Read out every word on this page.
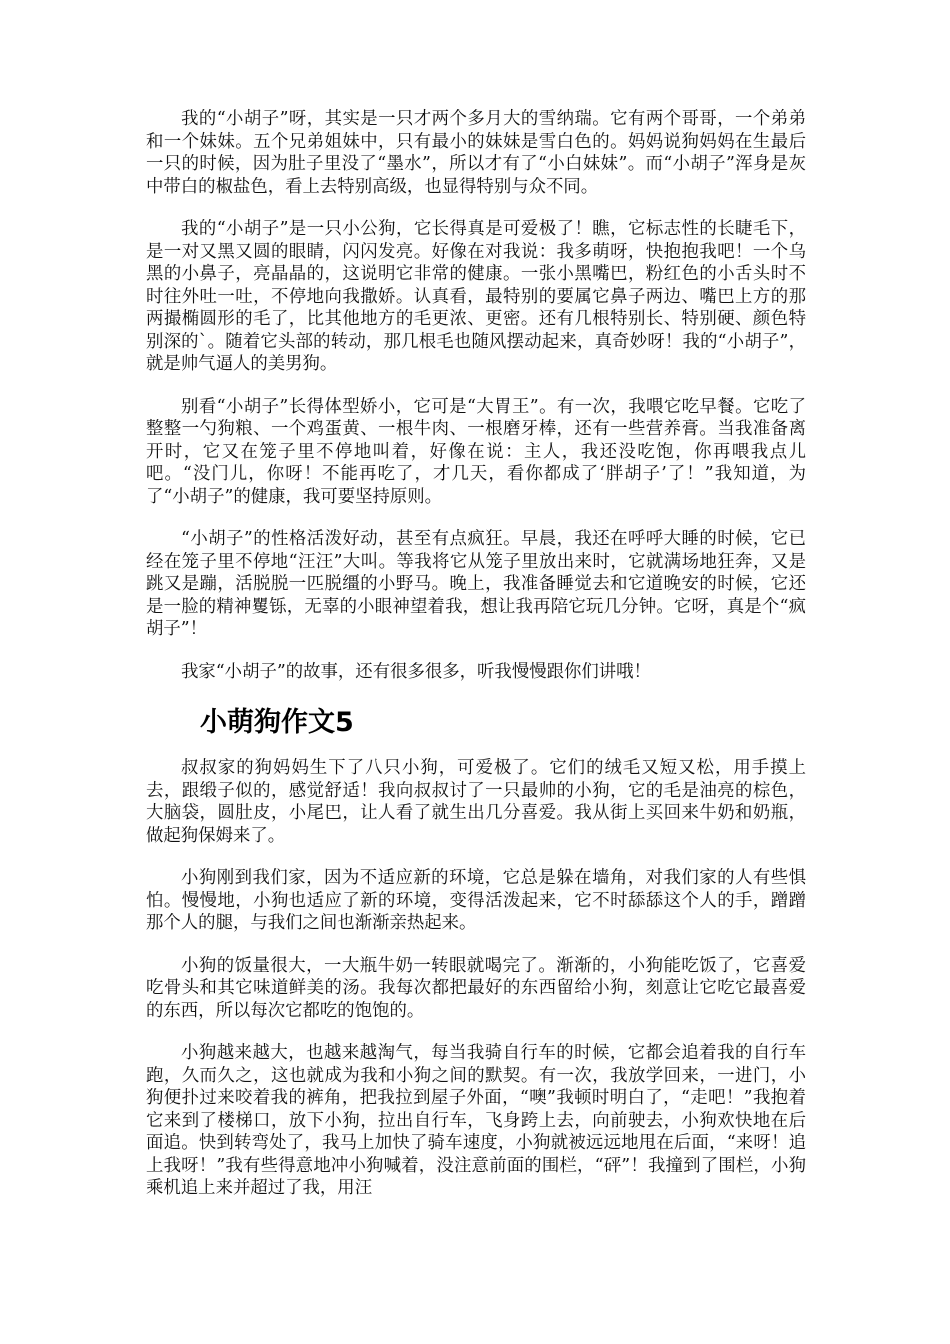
我的“小胡子”呀，其实是一只才两个多月大的雪纳瑞。它有两个哥哥，一个弟弟和一个妹妹。五个兄弟姐妹中，只有最小的妹妹是雪白色的。妈妈说狗妈妈在生最后一只的时候，因为肚子里没了“墨水”，所以才有了“小白妹妹”。而“小胡子”浑身是灰中带白的椒盐色，看上去特别高级，也显得特别与众不同。

我的“小胡子”是一只小公狗，它长得真是可爱极了！瞧，它标志性的长睫毛下，是一对又黑又圆的眼睛，闪闪发亮。好像在对我说：我多萌呀，快抱抱我吧！一个乌黑的小鼻子，亮晶晶的，这说明它非常的健康。一张小黑嘴巴，粉红色的小舌头时不时往外吐一吐，不停地向我撒娇。认真看，最特别的要属它鼻子两边、嘴巴上方的那两撮椭圆形的毛了，比其他地方的毛更浓、更密。还有几根特别长、特别硬、颜色特别深的`。随着它头部的转动，那几根毛也随风摆动起来，真奇妙呀！我的“小胡子”，就是帅气逼人的美男狗。

别看“小胡子”长得体型娇小，它可是“大胃王”。有一次，我喂它吃早餐。它吃了整整一勺狗粮、一个鸡蛋黄、一根牛肉、一根磨牙棒，还有一些营养膏。当我准备离开时，它又在笼子里不停地叫着，好像在说：主人，我还没吃饱，你再喂我点儿吧。“没门儿，你呀！不能再吃了，才几天，看你都成了‘胖胡子’了！”我知道，为了“小胡子”的健康，我可要坚持原则。

“小胡子”的性格活泼好动，甚至有点疯狂。早晨，我还在呼呼大睡的时候，它已经在笼子里不停地“汪汪”大叫。等我将它从笼子里放出来时，它就满场地狂奔，又是跳又是蹦，活脱脱一匹脱缰的小野马。晚上，我准备睡觉去和它道晚安的时候，它还是一脸的精神矍铄，无辜的小眼神望着我，想让我再陪它玩几分钟。它呀，真是个“疯胡子”！

我家“小胡子”的故事，还有很多很多，听我慢慢跟你们讲哦！

小萌狗作文5

叔叔家的狗妈妈生下了八只小狗，可爱极了。它们的绒毛又短又松，用手摸上去，跟缎子似的，感觉舒适！我向叔叔讨了一只最帅的小狗，它的毛是油亮的棕色，大脑袋，圆肚皮，小尾巴，让人看了就生出几分喜爱。我从街上买回来牛奶和奶瓶，做起狗保姆来了。

小狗刚到我们家，因为不适应新的环境，它总是躲在墙角，对我们家的人有些惧怕。慢慢地，小狗也适应了新的环境，变得活泼起来，它不时舔舔这个人的手，蹭蹭那个人的腿，与我们之间也渐渐亲热起来。

小狗的饭量很大，一大瓶牛奶一转眼就喝完了。渐渐的，小狗能吃饭了，它喜爱吃骨头和其它味道鲜美的汤。我每次都把最好的东西留给小狗，刻意让它吃它最喜爱的东西，所以每次它都吃的饱饱的。

小狗越来越大，也越来越淘气，每当我骑自行车的时候，它都会追着我的自行车跑，久而久之，这也就成为我和小狗之间的默契。有一次，我放学回来，一进门，小狗便扑过来咬着我的裤角，把我拉到屋子外面，“噢”我顿时明白了，“走吧！”我抱着它来到了楼梯口，放下小狗，拉出自行车，飞身跨上去，向前驶去，小狗欢快地在后面追。快到转弯处了，我马上加快了骑车速度，小狗就被远远地甩在后面，“来呀！追上我呀！”我有些得意地冲小狗喊着，没注意前面的围栏，“砰”！我撞到了围栏，小狗乘机追上来并超过了我，用汪
